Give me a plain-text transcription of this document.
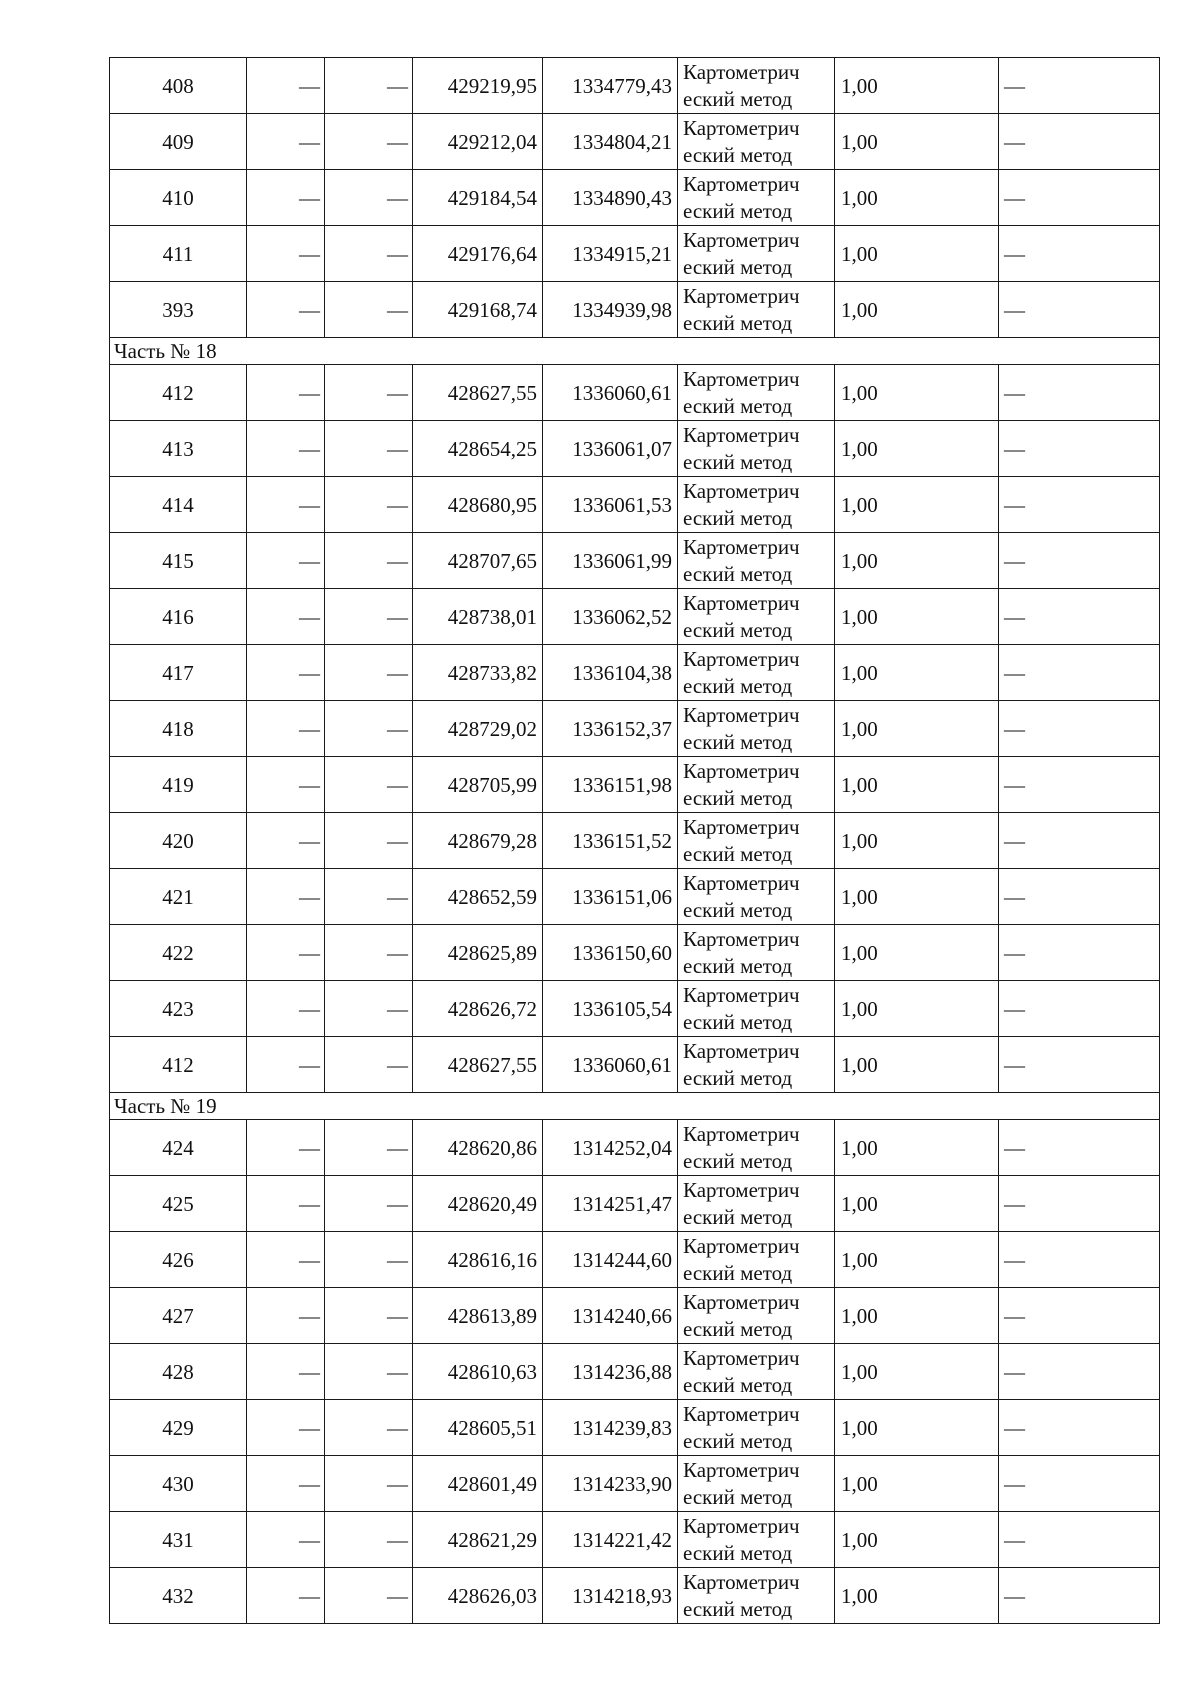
408	—	—	429219,95	1334779,43	Картометрич
еский метод	1,00	—
409	—	—	429212,04	1334804,21	Картометрич
еский метод	1,00	—
410	—	—	429184,54	1334890,43	Картометрич
еский метод	1,00	—
411	—	—	429176,64	1334915,21	Картометрич
еский метод	1,00	—
393	—	—	429168,74	1334939,98	Картометрич
еский метод	1,00	—
Часть № 18							
412	—	—	428627,55	1336060,61	Картометрич
еский метод	1,00	—
413	—	—	428654,25	1336061,07	Картометрич
еский метод	1,00	—
414	—	—	428680,95	1336061,53	Картометрич
еский метод	1,00	—
415	—	—	428707,65	1336061,99	Картометрич
еский метод	1,00	—
416	—	—	428738,01	1336062,52	Картометрич
еский метод	1,00	—
417	—	—	428733,82	1336104,38	Картометрич
еский метод	1,00	—
418	—	—	428729,02	1336152,37	Картометрич
еский метод	1,00	—
419	—	—	428705,99	1336151,98	Картометрич
еский метод	1,00	—
420	—	—	428679,28	1336151,52	Картометрич
еский метод	1,00	—
421	—	—	428652,59	1336151,06	Картометрич
еский метод	1,00	—
422	—	—	428625,89	1336150,60	Картометрич
еский метод	1,00	—
423	—	—	428626,72	1336105,54	Картометрич
еский метод	1,00	—
412	—	—	428627,55	1336060,61	Картометрич
еский метод	1,00	—
Часть № 19							
424	—	—	428620,86	1314252,04	Картометрич
еский метод	1,00	—
425	—	—	428620,49	1314251,47	Картометрич
еский метод	1,00	—
426	—	—	428616,16	1314244,60	Картометрич
еский метод	1,00	—
427	—	—	428613,89	1314240,66	Картометрич
еский метод	1,00	—
428	—	—	428610,63	1314236,88	Картометрич
еский метод	1,00	—
429	—	—	428605,51	1314239,83	Картометрич
еский метод	1,00	—
430	—	—	428601,49	1314233,90	Картометрич
еский метод	1,00	—
431	—	—	428621,29	1314221,42	Картометрич
еский метод	1,00	—
432	—	—	428626,03	1314218,93	Картометрич
еский метод	1,00	—
